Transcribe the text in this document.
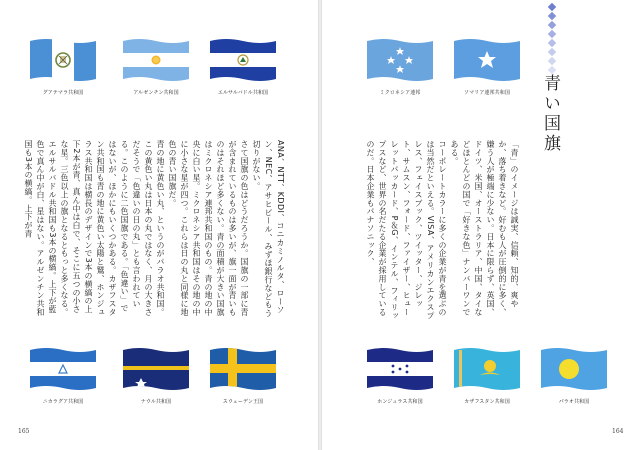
グアテマラ共和国	アルゼンチン共和国	エルサルバドル共和国

ANA、NTT、KDDI、コニカミノルタ、ローソン、NEC、アサヒビール、みずほ銀行などもう切りがない。

さて国旗の色はどうだろうか。国旗の一部に青が含まれているものは多いが、旗一面が青いものはそれほど多くない。青の面積が大きい国旗はミクロネシア連邦共和国のもの。青の地の中央に白い星。ミクロネシア共和国はその地の中に小さな星が四つ。これらは日の丸と同様に地色の青い国旗だ。

青の地に黄色い丸、というのがパラオ共和国。この黄色い丸は日本の丸ではなく、月の大きさだそうで「色違いの日の丸」とも言われている。このように二色国旗である。「色違い」ではないが、ほかにもいくつかある。カザフスタン共和国も青の地に黄色い太陽と鷲、ホンジュラス共和国は横長のデザインで3本の横縞の上下2本が青、真ん中は白で、そこに五つの小さな星。三色以上の旗となるともっと多くなる。エルサルバドル共和国も3本の横縞。上下が藍色で真ん中が白、星はない。アルゼンチン共和国も3本の横縞。上下が青

ニカラグア共和国	ナウル共和国	スウェーデン王国
165
ミクロネシア連邦	ソマリア連邦共和国	青い国旗

「青」のイメージは誠実、信頼、知的、爽やか、落ち着きなど。好むも人が圧倒的に多く、嫌う人が極端に少ない。日本に限らず、英国、ドイツ、米国、オーストラリア、中国、タイなどほとんどの国で「好きな色」ナンバーワンである。

コーポレートカラーに多くの企業が青を選ぶのは当然だといえる。VISA、アメリカンエクスプレス、フェイスブック、ツイッター、ジレット、サムスン、フォード、ファイザー、ヒューレットパッカード、P＆G、インテル、フィリップスなど、世界の名だたる企業が採用しているのだ。日本企業もパナソニック、

ホンジュラス共和国	カザフスタン共和国	パラオ共和国
164
